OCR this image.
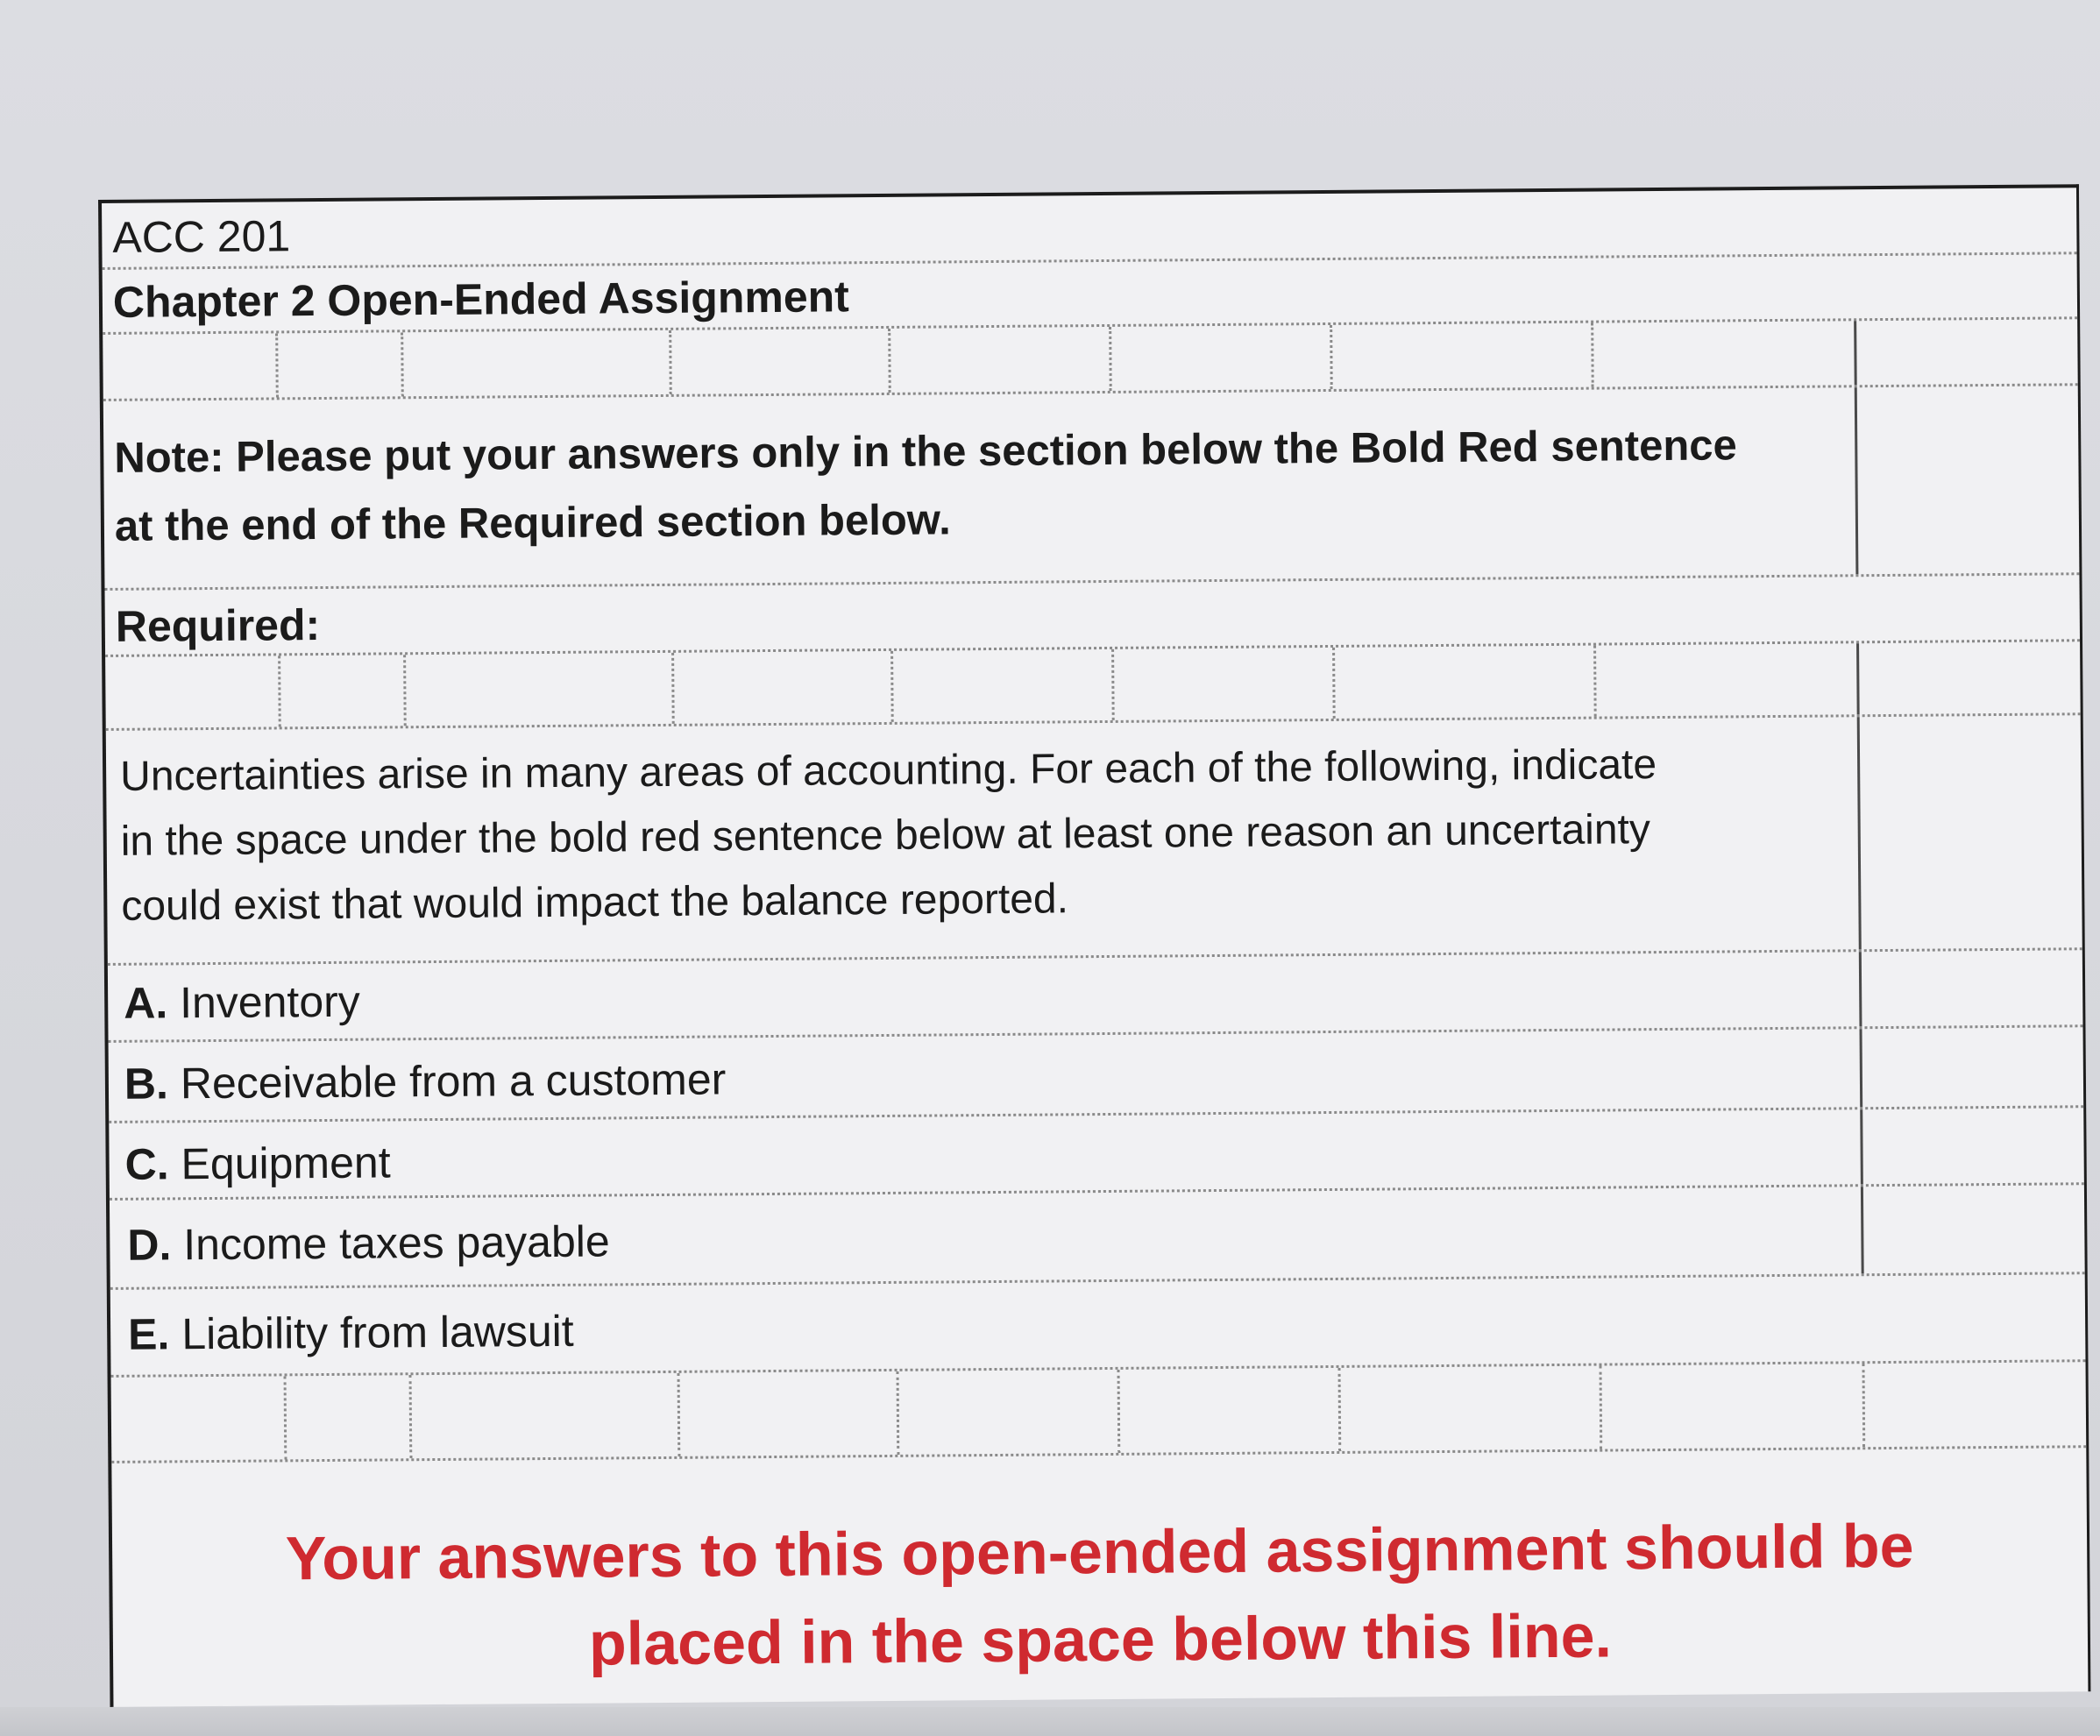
ACC 201
Chapter 2 Open-Ended Assignment
Note: Please put your answers only in the section below the Bold Red sentence
at the end of the Required section below.
Required:
Uncertainties arise in many areas of accounting. For each of the following, indicate
in the space under the bold red sentence below at least one reason an uncertainty
could exist that would impact the balance reported.
A. Inventory
B. Receivable from a customer
C. Equipment
D. Income taxes payable
E. Liability from lawsuit
Your answers to this open-ended assignment should be
placed in the space below this line.
